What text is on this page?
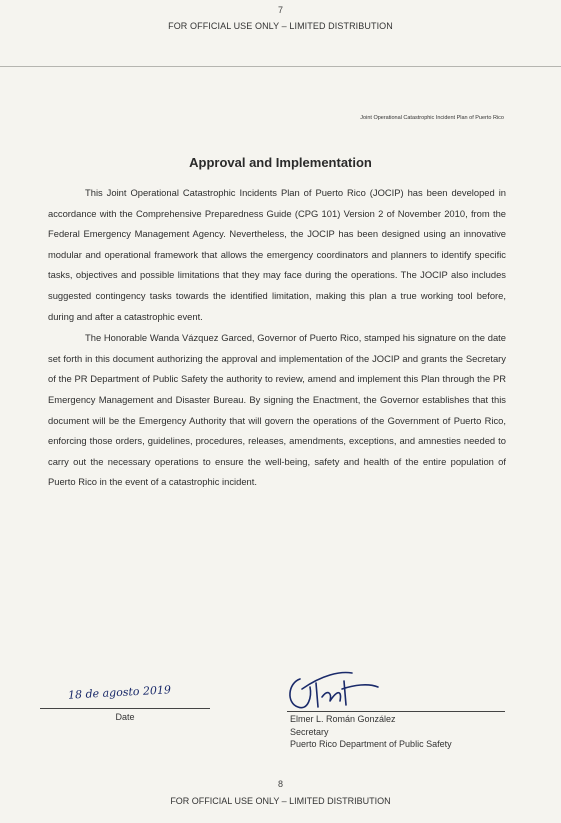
7
FOR OFFICIAL USE ONLY – LIMITED DISTRIBUTION
Joint Operational Catastrophic Incident Plan of Puerto Rico
Approval and Implementation

This Joint Operational Catastrophic Incidents Plan of Puerto Rico (JOCIP) has been developed in accordance with the Comprehensive Preparedness Guide (CPG 101) Version 2 of November 2010, from the Federal Emergency Management Agency. Nevertheless, the JOCIP has been designed using an innovative modular and operational framework that allows the emergency coordinators and planners to identify specific tasks, objectives and possible limitations that they may face during the operations. The JOCIP also includes suggested contingency tasks towards the identified limitation, making this plan a true working tool before, during and after a catastrophic event.

The Honorable Wanda Vázquez Garced, Governor of Puerto Rico, stamped his signature on the date set forth in this document authorizing the approval and implementation of the JOCIP and grants the Secretary of the PR Department of Public Safety the authority to review, amend and implement this Plan through the PR Emergency Management and Disaster Bureau. By signing the Enactment, the Governor establishes that this document will be the Emergency Authority that will govern the operations of the Government of Puerto Rico, enforcing those orders, guidelines, procedures, releases, amendments, exceptions, and amnesties needed to carry out the necessary operations to ensure the well-being, safety and health of the entire population of Puerto Rico in the event of a catastrophic incident.

18 de agosto 2019
Date	Elmer L. Román González
Secretary
Puerto Rico Department of Public Safety
8
FOR OFFICIAL USE ONLY – LIMITED DISTRIBUTION
